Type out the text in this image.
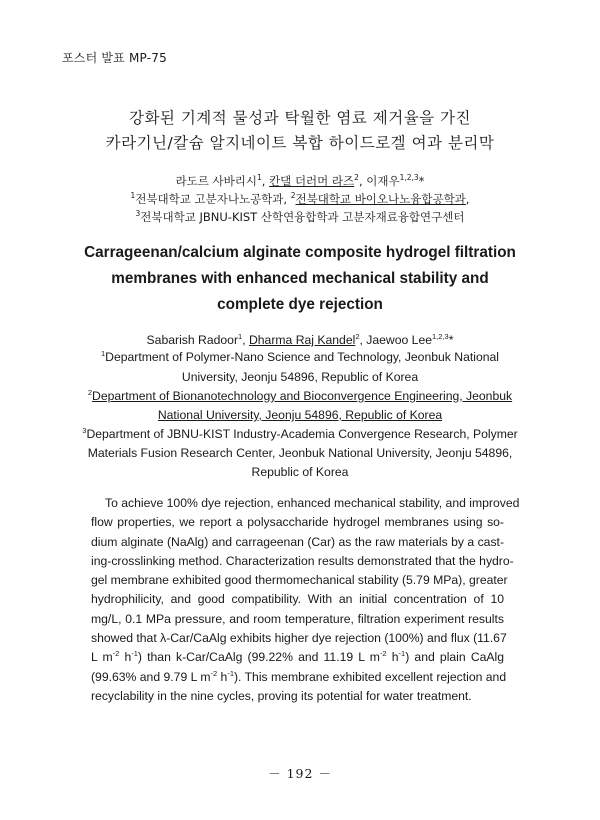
포스터 발표 MP-75
강화된 기계적 물성과 탁월한 염료 제거율을 가진
카라기닌/칼슘 알지네이트 복합 하이드로겔 여과 분리막
라도르 사바리시$^1$, 칸댈 더러머 라즈$^2$, 이재우$^{1,2,3}$*
$^1$전북대학교 고분자나노공학과, $^2$전북대학교 바이오나노융합공학과,
$^3$전북대학교 JBNU-KIST 산학연융합학과 고분자재료융합연구센터
Carrageenan/calcium alginate composite hydrogel filtration
membranes with enhanced mechanical stability and
complete dye rejection
Sabarish Radoor$^1$, Dharma Raj Kandel$^2$, Jaewoo Lee$^{1,2,3}$*
$^1$Department of Polymer-Nano Science and Technology, Jeonbuk National
University, Jeonju 54896, Republic of Korea
$^2$Department of Bionanotechnology and Bioconvergence Engineering, Jeonbuk
National University, Jeonju 54896, Republic of Korea
$^3$Department of JBNU-KIST Industry-Academia Convergence Research, Polymer
Materials Fusion Research Center, Jeonbuk National University, Jeonju 54896,
Republic of Korea
To achieve 100% dye rejection, enhanced mechanical stability, and improved
flow properties, we report a polysaccharide hydrogel membranes using so-
dium alginate (NaAlg) and carrageenan (Car) as the raw materials by a cast-
ing-crosslinking method. Characterization results demonstrated that the hydro-
gel membrane exhibited good thermomechanical stability (5.79 MPa), greater
hydrophilicity, and good compatibility. With an initial concentration of 10
mg/L, 0.1 MPa pressure, and room temperature, filtration experiment results
showed that λ-Car/CaAlg exhibits higher dye rejection (100%) and flux (11.67
L $m^{-2}$ $h^{-1}$) than k-Car/CaAlg (99.22% and 11.19 L $m^{-2}$ $h^{-1}$) and plain CaAlg
(99.63% and 9.79 L $m^{-2}$ $h^{-1}$). This membrane exhibited excellent rejection and
recyclability in the nine cycles, proving its potential for water treatment.
－ 192 －
